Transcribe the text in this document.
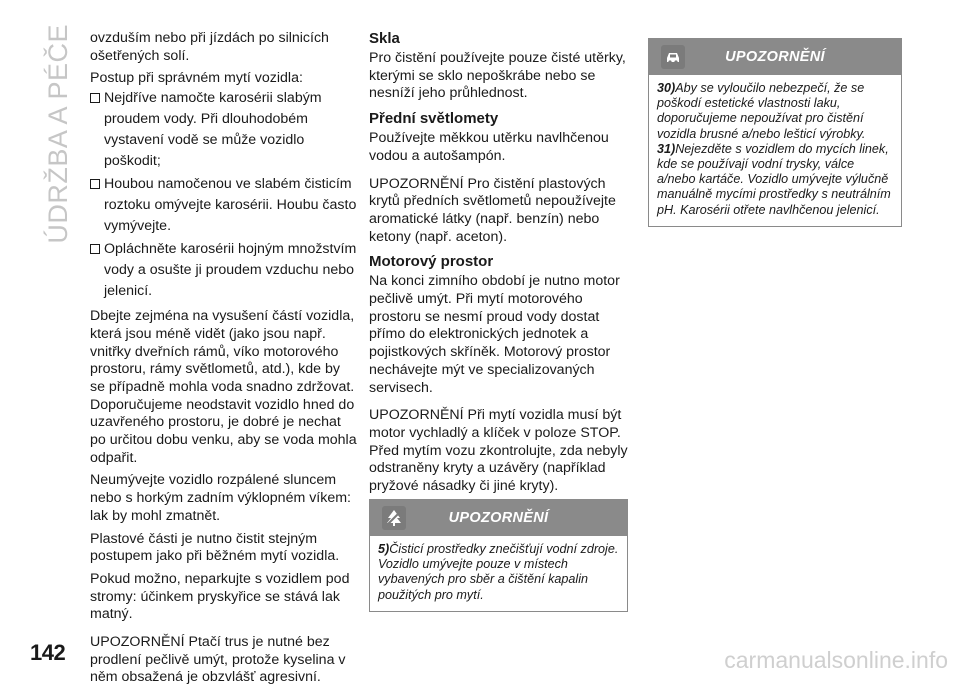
ÚDRŽBA A PÉČE ovzduším nebo při jízdách po silnicích ošetřených solí.

Postup při správném mytí vozidla:

Nejdříve namočte karosérii slabým proudem vody. Při dlouhodobém vystavení vodě se může vozidlo poškodit;
Houbou namočenou ve slabém čisticím roztoku omývejte karosérii. Houbu často vymývejte.
Opláchněte karosérii hojným množstvím vody a osušte ji proudem vzduchu nebo jelenicí.

Dbejte zejména na vysušení částí vozidla, která jsou méně vidět (jako jsou např. vnitřky dveřních rámů, víko motorového prostoru, rámy světlometů, atd.), kde by se případně mohla voda snadno zdržovat. Doporučujeme neodstavit vozidlo hned do uzavřeného prostoru, je dobré je nechat po určitou dobu venku, aby se voda mohla odpařit.

Neumývejte vozidlo rozpálené sluncem nebo s horkým zadním výklopném víkem: lak by mohl zmatnět.

Plastové části je nutno čistit stejným postupem jako při běžném mytí vozidla.

Pokud možno, neparkujte s vozidlem pod stromy: účinkem pryskyřice se stává lak matný.

UPOZORNĚNÍ Ptačí trus je nutné bez prodlení pečlivě umýt, protože kyselina v něm obsažená je obzvlášť agresivní.

Skla

Pro čistění používejte pouze čisté utěrky, kterými se sklo nepoškrábe nebo se nesníží jeho průhlednost.

Přední světlomety

Používejte měkkou utěrku navlhčenou vodou a autošampón.

UPOZORNĚNÍ Pro čistění plastových krytů předních světlometů nepoužívejte aromatické látky (např. benzín) nebo ketony (např. aceton).

Motorový prostor

Na konci zimního období je nutno motor pečlivě umýt. Při mytí motorového prostoru se nesmí proud vody dostat přímo do elektronických jednotek a pojistkových skříněk. Motorový prostor nechávejte mýt ve specializovaných servisech.

UPOZORNĚNÍ Při mytí vozidla musí být motor vychladlý a klíček v poloze STOP. Před mytím vozu zkontrolujte, zda nebyly odstraněny kryty a uzávěry (například pryžové násadky či jiné kryty).

UPOZORNĚNÍ

5)Čisticí prostředky znečišťují vodní zdroje. Vozidlo umývejte pouze v místech vybavených pro sběr a čištění kapalin použitých pro mytí.

UPOZORNĚNÍ

30)Aby se vyloučilo nebezpečí, že se poškodí estetické vlastnosti laku, doporučujeme nepoužívat pro čistění vozidla brusné a/nebo lešticí výrobky.

31)Nejezděte s vozidlem do mycích linek, kde se používají vodní trysky, válce a/nebo kartáče. Vozidlo umývejte výlučně manuálně mycími prostředky s neutrálním pH. Karosérii otřete navlhčenou jelenicí.

142	carmanualsonline.info
